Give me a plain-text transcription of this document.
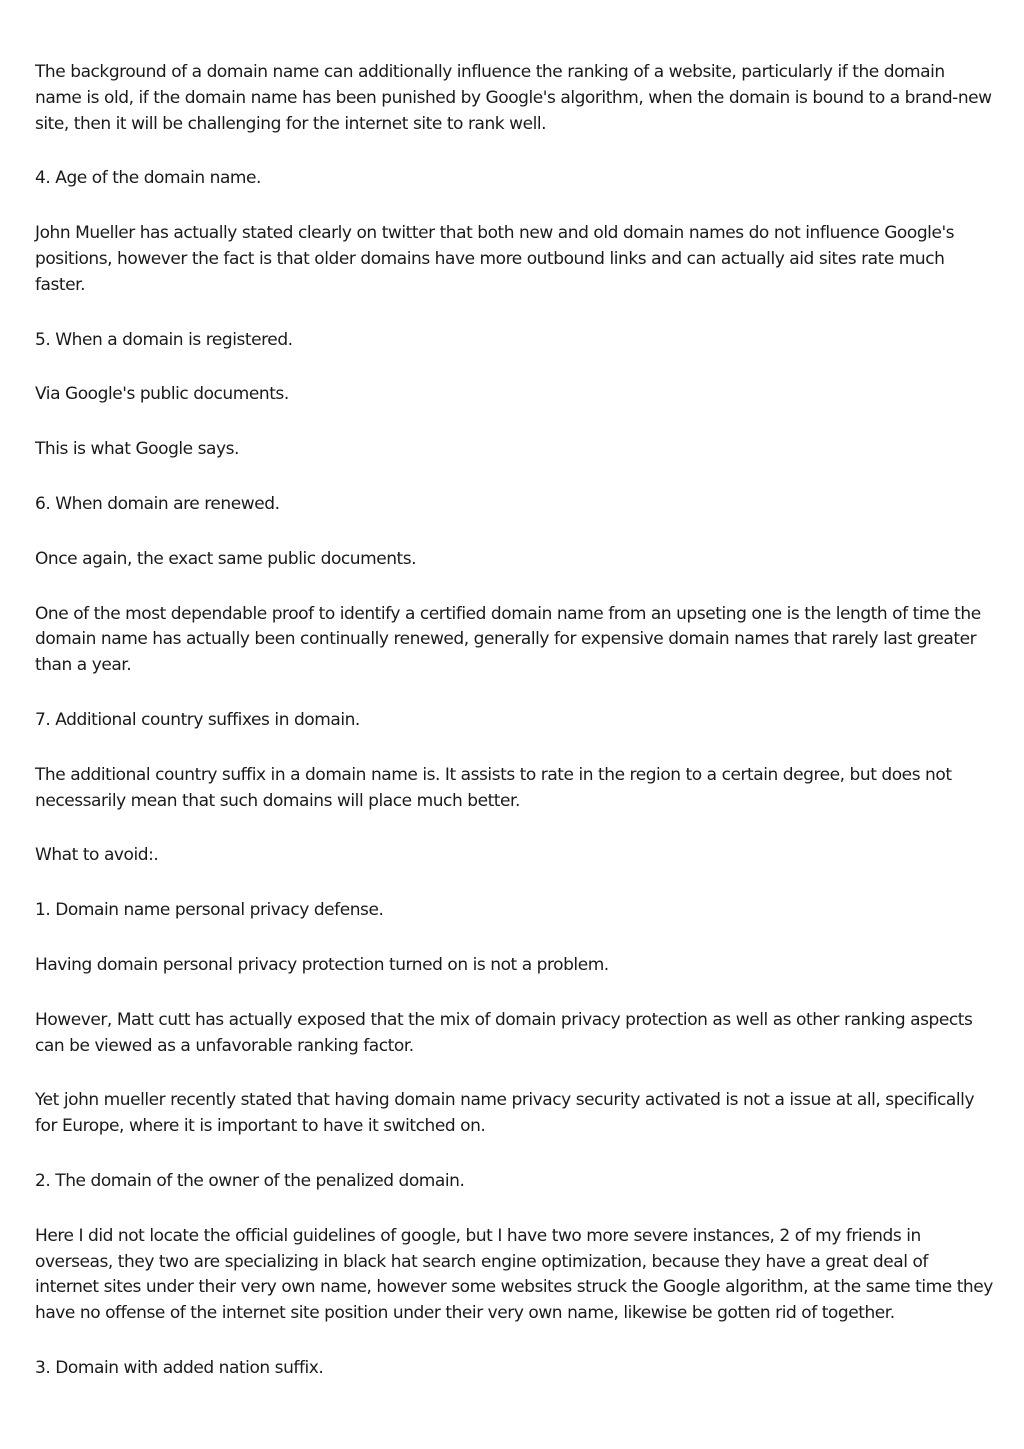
The background of a domain name can additionally influence the ranking of a website, particularly if the domain name is old, if the domain name has been punished by Google's algorithm, when the domain is bound to a brand-new site, then it will be challenging for the internet site to rank well.

4. Age of the domain name.

John Mueller has actually stated clearly on twitter that both new and old domain names do not influence Google's positions, however the fact is that older domains have more outbound links and can actually aid sites rate much faster.

5. When a domain is registered.

Via Google's public documents.

This is what Google says.

6. When domain are renewed.

Once again, the exact same public documents.

One of the most dependable proof to identify a certified domain name from an upseting one is the length of time the domain name has actually been continually renewed, generally for expensive domain names that rarely last greater than a year.

7. Additional country suffixes in domain.

The additional country suffix in a domain name is. It assists to rate in the region to a certain degree, but does not necessarily mean that such domains will place much better.

What to avoid:.

1. Domain name personal privacy defense.

Having domain personal privacy protection turned on is not a problem.

However, Matt cutt has actually exposed that the mix of domain privacy protection as well as other ranking aspects can be viewed as a unfavorable ranking factor.

Yet john mueller recently stated that having domain name privacy security activated is not a issue at all, specifically for Europe, where it is important to have it switched on.

2. The domain of the owner of the penalized domain.

Here I did not locate the official guidelines of google, but I have two more severe instances, 2 of my friends in overseas, they two are specializing in black hat search engine optimization, because they have a great deal of internet sites under their very own name, however some websites struck the Google algorithm, at the same time they have no offense of the internet site position under their very own name, likewise be gotten rid of together.

3. Domain with added nation suffix.
